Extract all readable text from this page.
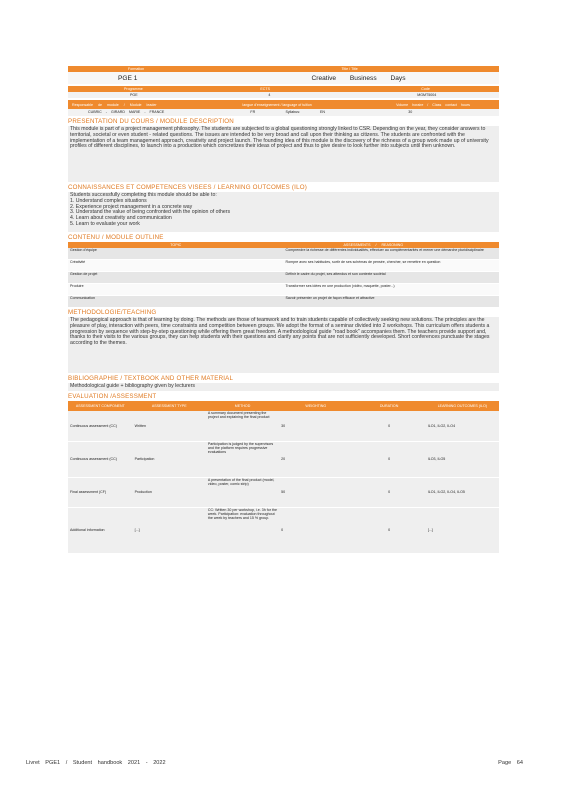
Formation	Title / Title
PGE 1	Creative Business Days
Programme	ECTS	Code
PGE	4	MGMT5004
Responsable de module / Module leader	langue d'enseignement / language of tuition	Volume horaire / Class contact hours
CUBRIC - GIRARD MARIE - FRANCE	FR	Syllabus:	EN	30
PRESENTATION DU COURS / MODULE DESCRIPTION
This module is part of a project management philosophy. The students are subjected to a global questioning strongly linked to CSR. Depending on the year, they consider answers to territorial, societal or even student - related questions. The issues are intended to be very broad and call upon their thinking as citizens. The students are confronted with the implementation of a team management approach, creativity and project launch. The founding idea of this module is the discovery of the richness of a group work made up of university profiles of different disciplines, to launch into a production which concretizes their ideas of project and thus to give desire to look further into subjects until then unknown.
CONNAISSANCES ET COMPETENCES VISEES / LEARNING OUTCOMES (ILO)
Students successfully completing this module should be able to:
1. Understand complex situations
2. Experience project management in a concrete way
3. Understand the value of being confronted with the opinion of others
4. Learn about creativity and communication
5. Learn to evaluate your work
CONTENU / MODULE OUTLINE
TOPIC	ASSESSMENTS / REASONING
Gestion d'équipe	Comprendre la richesse de différentes individualités, effectuer au complémentarités et mener une démarche pluridisciplinaire
Créativité	Rompre avec ses habitudes, sortir de ses schémas de pensée, chercher, se remettre en question
Gestion de projet	Définir le cadre du projet, ses attendus et son contexte sociétal
Produire	Transformer ses idées en une production (vidéo, maquette, poster...)
Communication	Savoir présenter un projet de façon efficace et attractive
METHODOLOGIE/TEACHING
The pedagogical approach is that of learning by doing. The methods are those of teamwork and to train students capable of collectively seeking new solutions. The principles are the pleasure of play, interaction with peers, time constraints and competition between groups. We adopt the format of a seminar divided into 2 workshops. This curriculum offers students a progression by sequence with step-by-step questioning while offering them great freedom. A methodological guide "road book" accompanies them. The teachers provide support and, thanks to their visits to the various groups, they can help students with their questions and clarify any points that are not sufficiently developed. Short conferences punctuate the stages according to the themes.
BIBLIOGRAPHIE / TEXTBOOK AND OTHER MATERIAL
Methodological guide + bibliography given by lecturers
EVALUATION /ASSESSMENT
ASSESSMENT COMPONENT	ASSESSMENT TYPE	METHOD	WEIGHTING	DURATION	LEARNING OUTCOMES (ILO)
Continuous assessment (CC)	Written	A summary document presenting the project and explaining the final product	30	0	ILO1, ILO2, ILO4
Continuous assessment (CC)	Participation	Participation is judged by the supervisors and the platform requires progressive evaluations	20	0	ILO3, ILO5
Final assessment (CF)	Production	A presentation of the final product (model, video, poster, comic strip)	50	0	ILO1, ILO2, ILO4, ILO5
Additional information	[...]	CC: Written 30 per workshop, i.e. 3h for the week. Participation: evaluation throughout the week by teachers and 15 % group.	0	0	[...]
Livret PGE1 / Student handbook 2021 - 2022	Page 64
